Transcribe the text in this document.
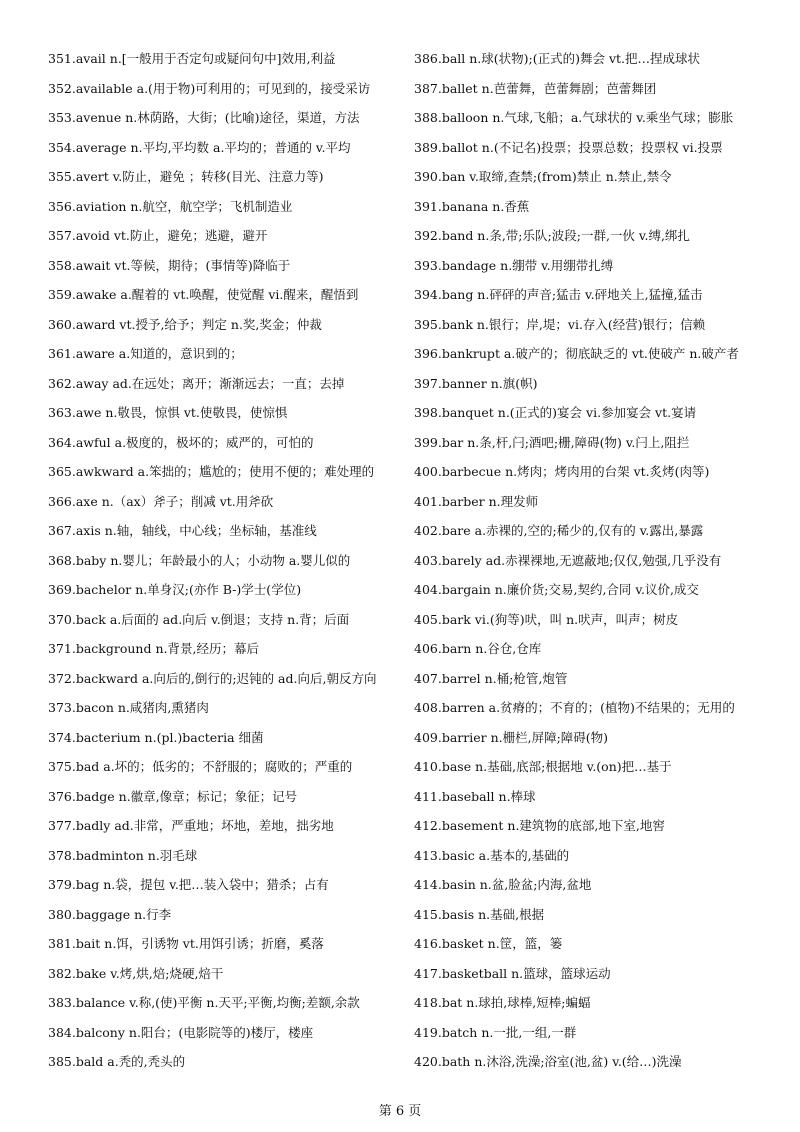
351.avail n.[一般用于否定句或疑问句中]效用,利益
352.available a.(用于物)可利用的；可见到的，接受采访
353.avenue n.林荫路，大街；(比喻)途径，渠道，方法
354.average n.平均,平均数 a.平均的；普通的 v.平均
355.avert v.防止，避免 ；转移(目光、注意力等)
356.aviation n.航空，航空学；飞机制造业
357.avoid vt.防止，避免；逃避，避开
358.await vt.等候，期待；(事情等)降临于
359.awake a.醒着的 vt.唤醒，使觉醒 vi.醒来，醒悟到
360.award vt.授予,给予；判定 n.奖,奖金；仲裁
361.aware a.知道的，意识到的；
362.away ad.在远处；离开；渐渐远去；一直；去掉
363.awe n.敬畏，惊惧 vt.使敬畏，使惊惧
364.awful a.极度的，极坏的；威严的，可怕的
365.awkward a.笨拙的；尴尬的；使用不便的；难处理的
366.axe n.（ax）斧子；削减 vt.用斧砍
367.axis n.轴，轴线，中心线；坐标轴，基准线
368.baby n.婴儿；年龄最小的人；小动物 a.婴儿似的
369.bachelor n.单身汉;(亦作 B-)学士(学位)
370.back a.后面的 ad.向后 v.倒退；支持 n.背；后面
371.background n.背景,经历；幕后
372.backward a.向后的,倒行的;迟钝的 ad.向后,朝反方向
373.bacon n.咸猪肉,熏猪肉
374.bacterium n.(pl.)bacteria 细菌
375.bad a.坏的；低劣的；不舒服的；腐败的；严重的
376.badge n.徽章,像章；标记；象征；记号
377.badly ad.非常，严重地；坏地，差地，拙劣地
378.badminton n.羽毛球
379.bag n.袋，提包 v.把…装入袋中；猎杀；占有
380.baggage n.行李
381.bait n.饵，引诱物 vt.用饵引诱；折磨，奚落
382.bake v.烤,烘,焙;烧硬,焙干
383.balance v.称,(使)平衡 n.天平;平衡,均衡;差额,余款
384.balcony n.阳台；(电影院等的)楼厅，楼座
385.bald a.秃的,秃头的
386.ball n.球(状物);(正式的)舞会 vt.把…捏成球状
387.ballet n.芭蕾舞，芭蕾舞剧；芭蕾舞团
388.balloon n.气球,飞船；a.气球状的 v.乘坐气球；膨胀
389.ballot n.(不记名)投票；投票总数；投票权 vi.投票
390.ban v.取缔,查禁;(from)禁止 n.禁止,禁令
391.banana n.香蕉
392.band n.条,带;乐队;波段;一群,一伙 v.缚,绑扎
393.bandage n.绷带 v.用绷带扎缚
394.bang n.砰砰的声音;猛击 v.砰地关上,猛撞,猛击
395.bank n.银行；岸,堤；vi.存入(经营)银行；信赖
396.bankrupt a.破产的；彻底缺乏的 vt.使破产 n.破产者
397.banner n.旗(帜)
398.banquet n.(正式的)宴会 vi.参加宴会 vt.宴请
399.bar n.条,杆,闩;酒吧;栅,障碍(物) v.闩上,阻拦
400.barbecue n.烤肉；烤肉用的台架 vt.炙烤(肉等)
401.barber n.理发师
402.bare a.赤裸的,空的;稀少的,仅有的 v.露出,暴露
403.barely ad.赤裸裸地,无遮蔽地;仅仅,勉强,几乎没有
404.bargain n.廉价货;交易,契约,合同 v.议价,成交
405.bark vi.(狗等)吠，叫 n.吠声，叫声；树皮
406.barn n.谷仓,仓库
407.barrel n.桶;枪管,炮管
408.barren a.贫瘠的；不育的；(植物)不结果的；无用的
409.barrier n.栅栏,屏障;障碍(物)
410.base n.基础,底部;根据地 v.(on)把…基于
411.baseball n.棒球
412.basement n.建筑物的底部,地下室,地窖
413.basic a.基本的,基础的
414.basin n.盆,脸盆;内海,盆地
415.basis n.基础,根据
416.basket n.筐，篮，篓
417.basketball n.篮球，篮球运动
418.bat n.球拍,球棒,短棒;蝙蝠
419.batch n.一批,一组,一群
420.bath n.沐浴,洗澡;浴室(池,盆) v.(给…)洗澡
第 6 页
